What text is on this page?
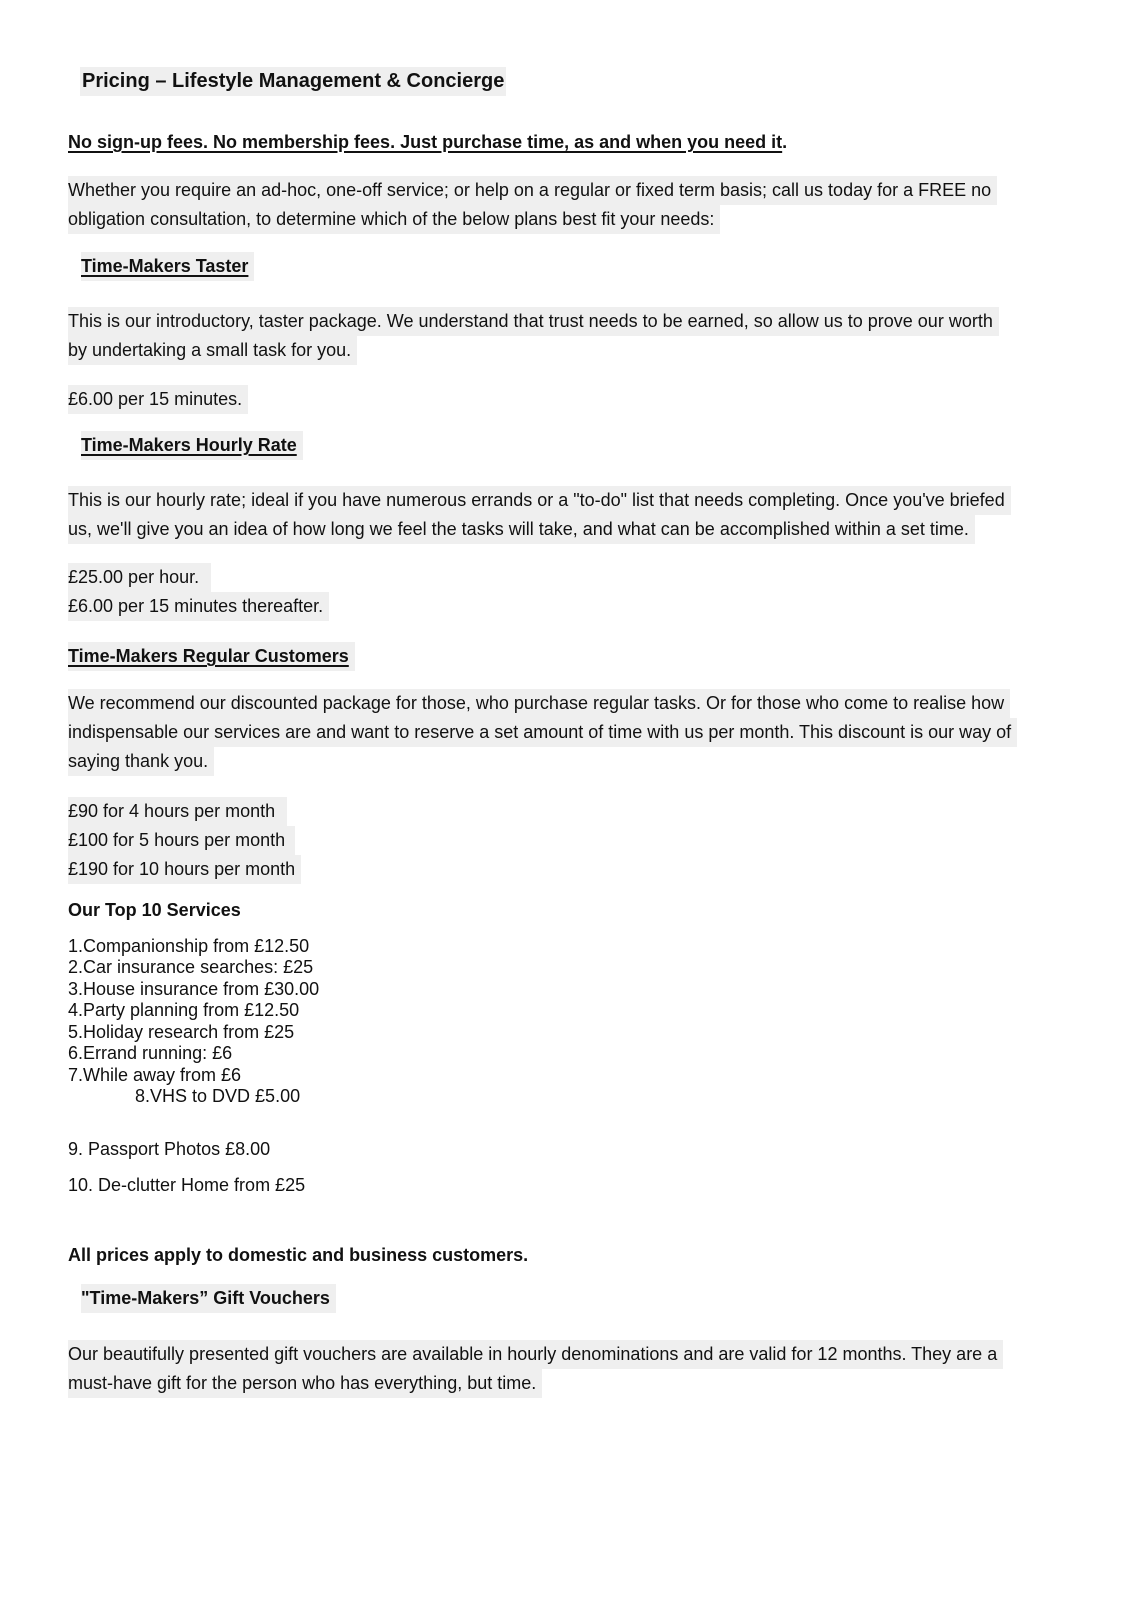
Pricing – Lifestyle Management & Concierge
No sign-up fees. No membership fees. Just purchase time, as and when you need it.
Whether you require an ad-hoc, one-off service; or help on a regular or fixed term basis; call us today for a FREE no
obligation consultation, to determine which of the below plans best fit your needs:
Time-Makers Taster
This is our introductory, taster package. We understand that trust needs to be earned, so allow us to prove our worth
by undertaking a small task for you.
£6.00 per 15 minutes.
Time-Makers Hourly Rate
This is our hourly rate; ideal if you have numerous errands or a "to-do" list that needs completing. Once you've briefed
us, we'll give you an idea of how long we feel the tasks will take, and what can be accomplished within a set time.
£25.00 per hour.
£6.00 per 15 minutes thereafter.
Time-Makers Regular Customers
We recommend our discounted package for those, who purchase regular tasks. Or for those who come to realise how
indispensable our services are and want to reserve a set amount of time with us per month. This discount is our way of
saying thank you.
£90 for 4 hours per month
£100 for 5 hours per month
£190 for 10 hours per month
Our Top 10 Services
1.Companionship from £12.50
2.Car insurance searches: £25
3.House insurance from £30.00
4.Party planning from £12.50
5.Holiday research from £25
6.Errand running: £6
7.While away from £6
8.VHS to DVD £5.00
9. Passport Photos £8.00
10. De-clutter Home from £25
All prices apply to domestic and business customers.
"Time-Makers” Gift Vouchers
Our beautifully presented gift vouchers are available in hourly denominations and are valid for 12 months. They are a
must-have gift for the person who has everything, but time.
